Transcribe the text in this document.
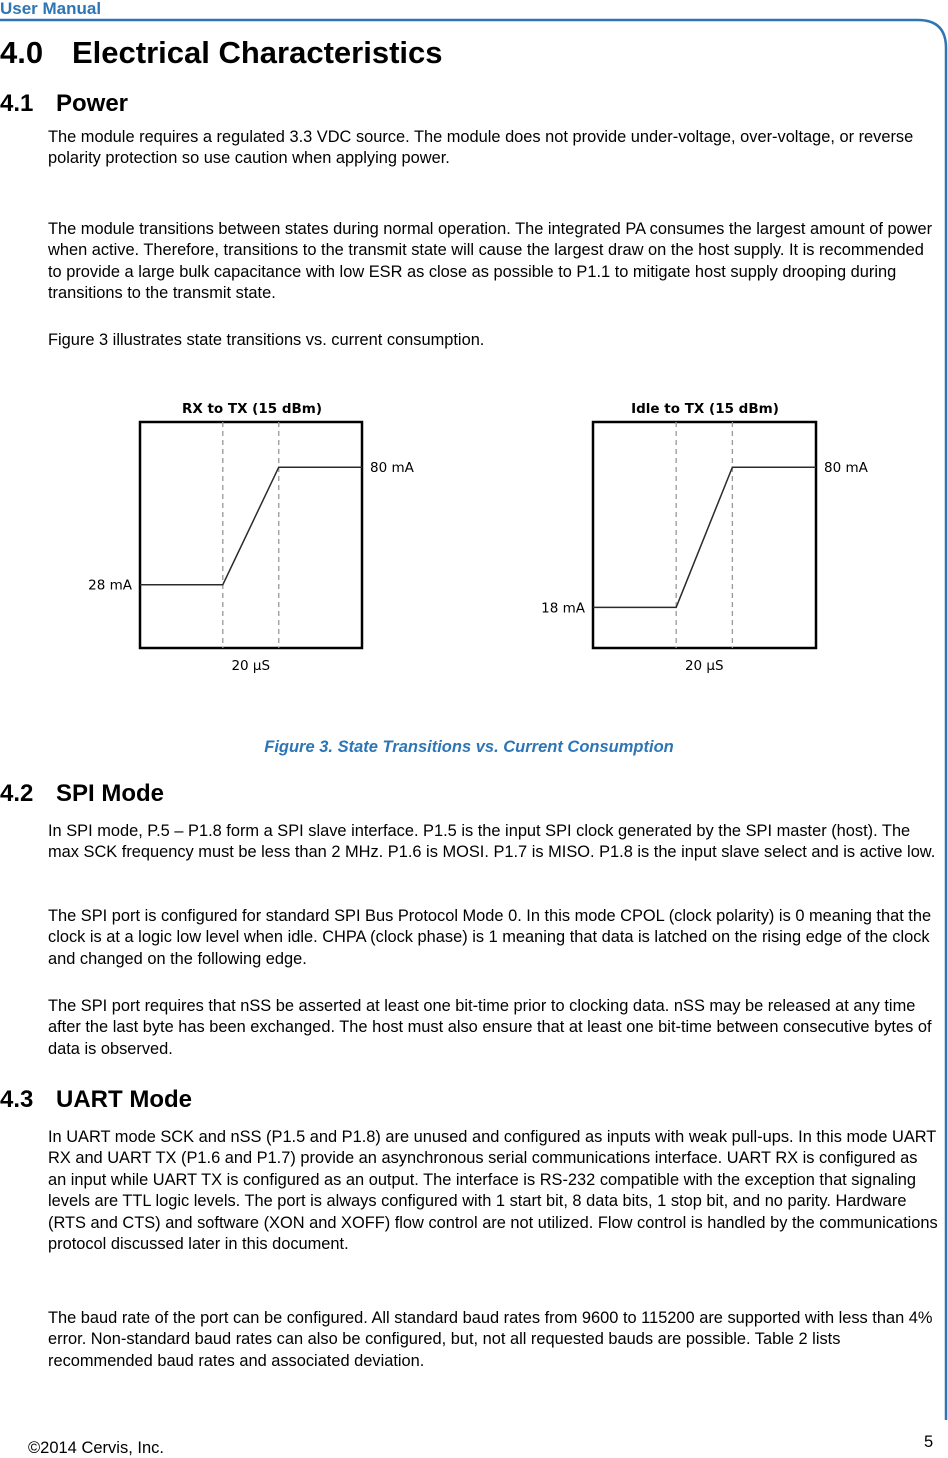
User Manual
4.0 Electrical Characteristics
4.1 Power

The module requires a regulated 3.3 VDC source. The module does not provide under-voltage, over-voltage, or reverse polarity protection so use caution when applying power.

The module transitions between states during normal operation. The integrated PA consumes the largest amount of power when active. Therefore, transitions to the transmit state will cause the largest draw on the host supply. It is recommended to provide a large bulk capacitance with low ESR as close as possible to P1.1 to mitigate host supply drooping during transitions to the transmit state.

Figure 3 illustrates state transitions vs. current consumption.

RX to TX (15 dBm)
28 mA
80 mA
20 µS
Idle to TX (15 dBm)
18 mA
80 mA
20 µS
Figure 3. State Transitions vs. Current Consumption
4.2 SPI Mode

In SPI mode, P.5 – P1.8 form a SPI slave interface. P1.5 is the input SPI clock generated by the SPI master (host). The max SCK frequency must be less than 2 MHz. P1.6 is MOSI. P1.7 is MISO. P1.8 is the input slave select and is active low.

The SPI port is configured for standard SPI Bus Protocol Mode 0. In this mode CPOL (clock polarity) is 0 meaning that the clock is at a logic low level when idle. CHPA (clock phase) is 1 meaning that data is latched on the rising edge of the clock and changed on the following edge.

The SPI port requires that nSS be asserted at least one bit-time prior to clocking data. nSS may be released at any time after the last byte has been exchanged. The host must also ensure that at least one bit-time between consecutive bytes of data is observed.

4.3 UART Mode

In UART mode SCK and nSS (P1.5 and P1.8) are unused and configured as inputs with weak pull-ups. In this mode UART RX and UART TX (P1.6 and P1.7) provide an asynchronous serial communications interface. UART RX is configured as an input while UART TX is configured as an output. The interface is RS-232 compatible with the exception that signaling levels are TTL logic levels. The port is always configured with 1 start bit, 8 data bits, 1 stop bit, and no parity. Hardware (RTS and CTS) and software (XON and XOFF) flow control are not utilized. Flow control is handled by the communications protocol discussed later in this document.

The baud rate of the port can be configured. All standard baud rates from 9600 to 115200 are supported with less than 4% error. Non-standard baud rates can also be configured, but, not all requested bauds are possible. Table 2 lists recommended baud rates and associated deviation.

©2014 Cervis, Inc.	5
